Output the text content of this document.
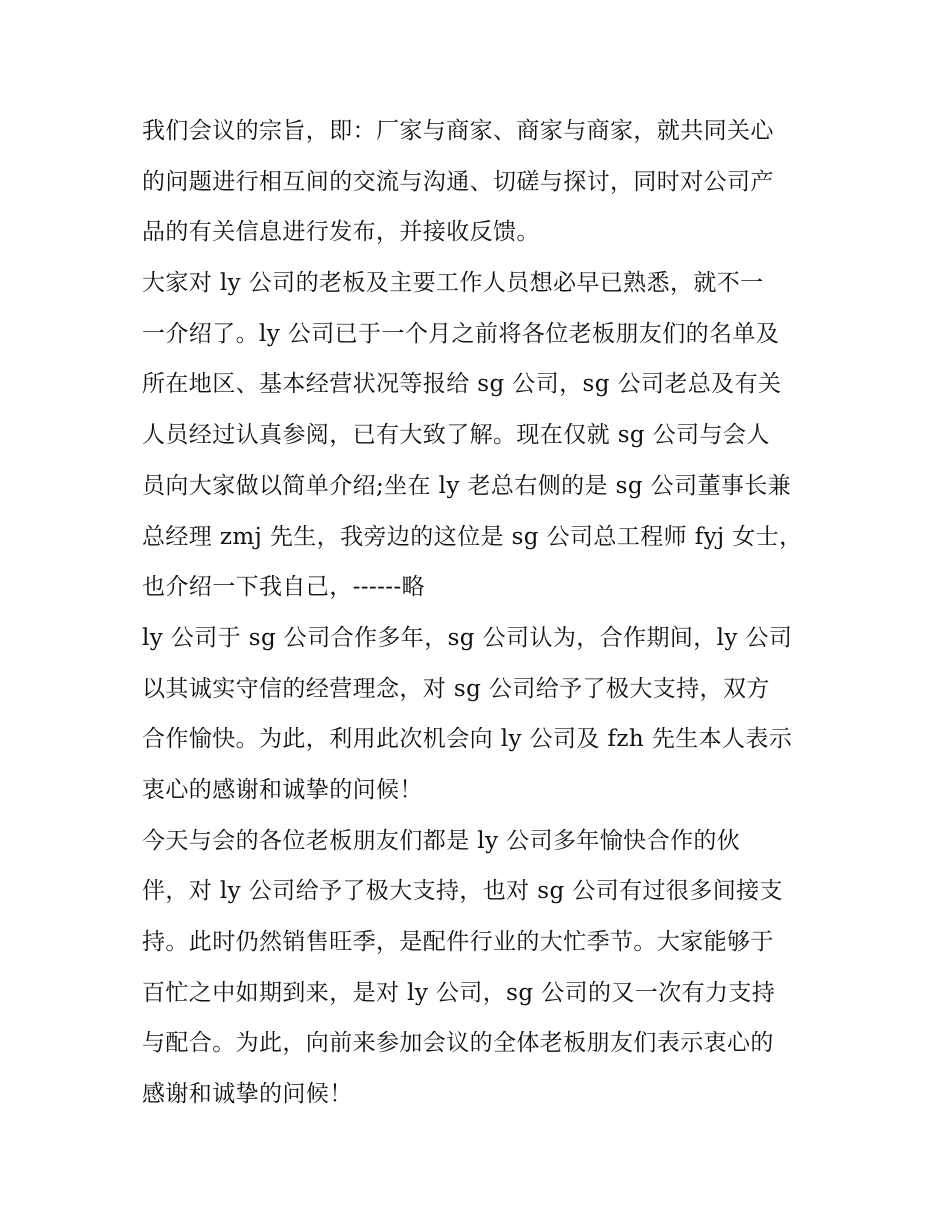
我们会议的宗旨，即：厂家与商家、商家与商家，就共同关心
的问题进行相互间的交流与沟通、切磋与探讨，同时对公司产
品的有关信息进行发布，并接收反馈。
大家对 ly 公司的老板及主要工作人员想必早已熟悉，就不一
一介绍了。ly 公司已于一个月之前将各位老板朋友们的名单及
所在地区、基本经营状况等报给 sg 公司，sg 公司老总及有关
人员经过认真参阅，已有大致了解。现在仅就 sg 公司与会人
员向大家做以简单介绍;坐在 ly 老总右侧的是 sg 公司董事长兼
总经理 zmj 先生，我旁边的这位是 sg 公司总工程师 fyj 女士，
也介绍一下我自己，------略
ly 公司于 sg 公司合作多年，sg 公司认为，合作期间，ly 公司
以其诚实守信的经营理念，对 sg 公司给予了极大支持，双方
合作愉快。为此，利用此次机会向 ly 公司及 fzh 先生本人表示
衷心的感谢和诚挚的问候！
今天与会的各位老板朋友们都是 ly 公司多年愉快合作的伙
伴，对 ly 公司给予了极大支持，也对 sg 公司有过很多间接支
持。此时仍然销售旺季，是配件行业的大忙季节。大家能够于
百忙之中如期到来，是对 ly 公司，sg 公司的又一次有力支持
与配合。为此，向前来参加会议的全体老板朋友们表示衷心的
感谢和诚挚的问候！
